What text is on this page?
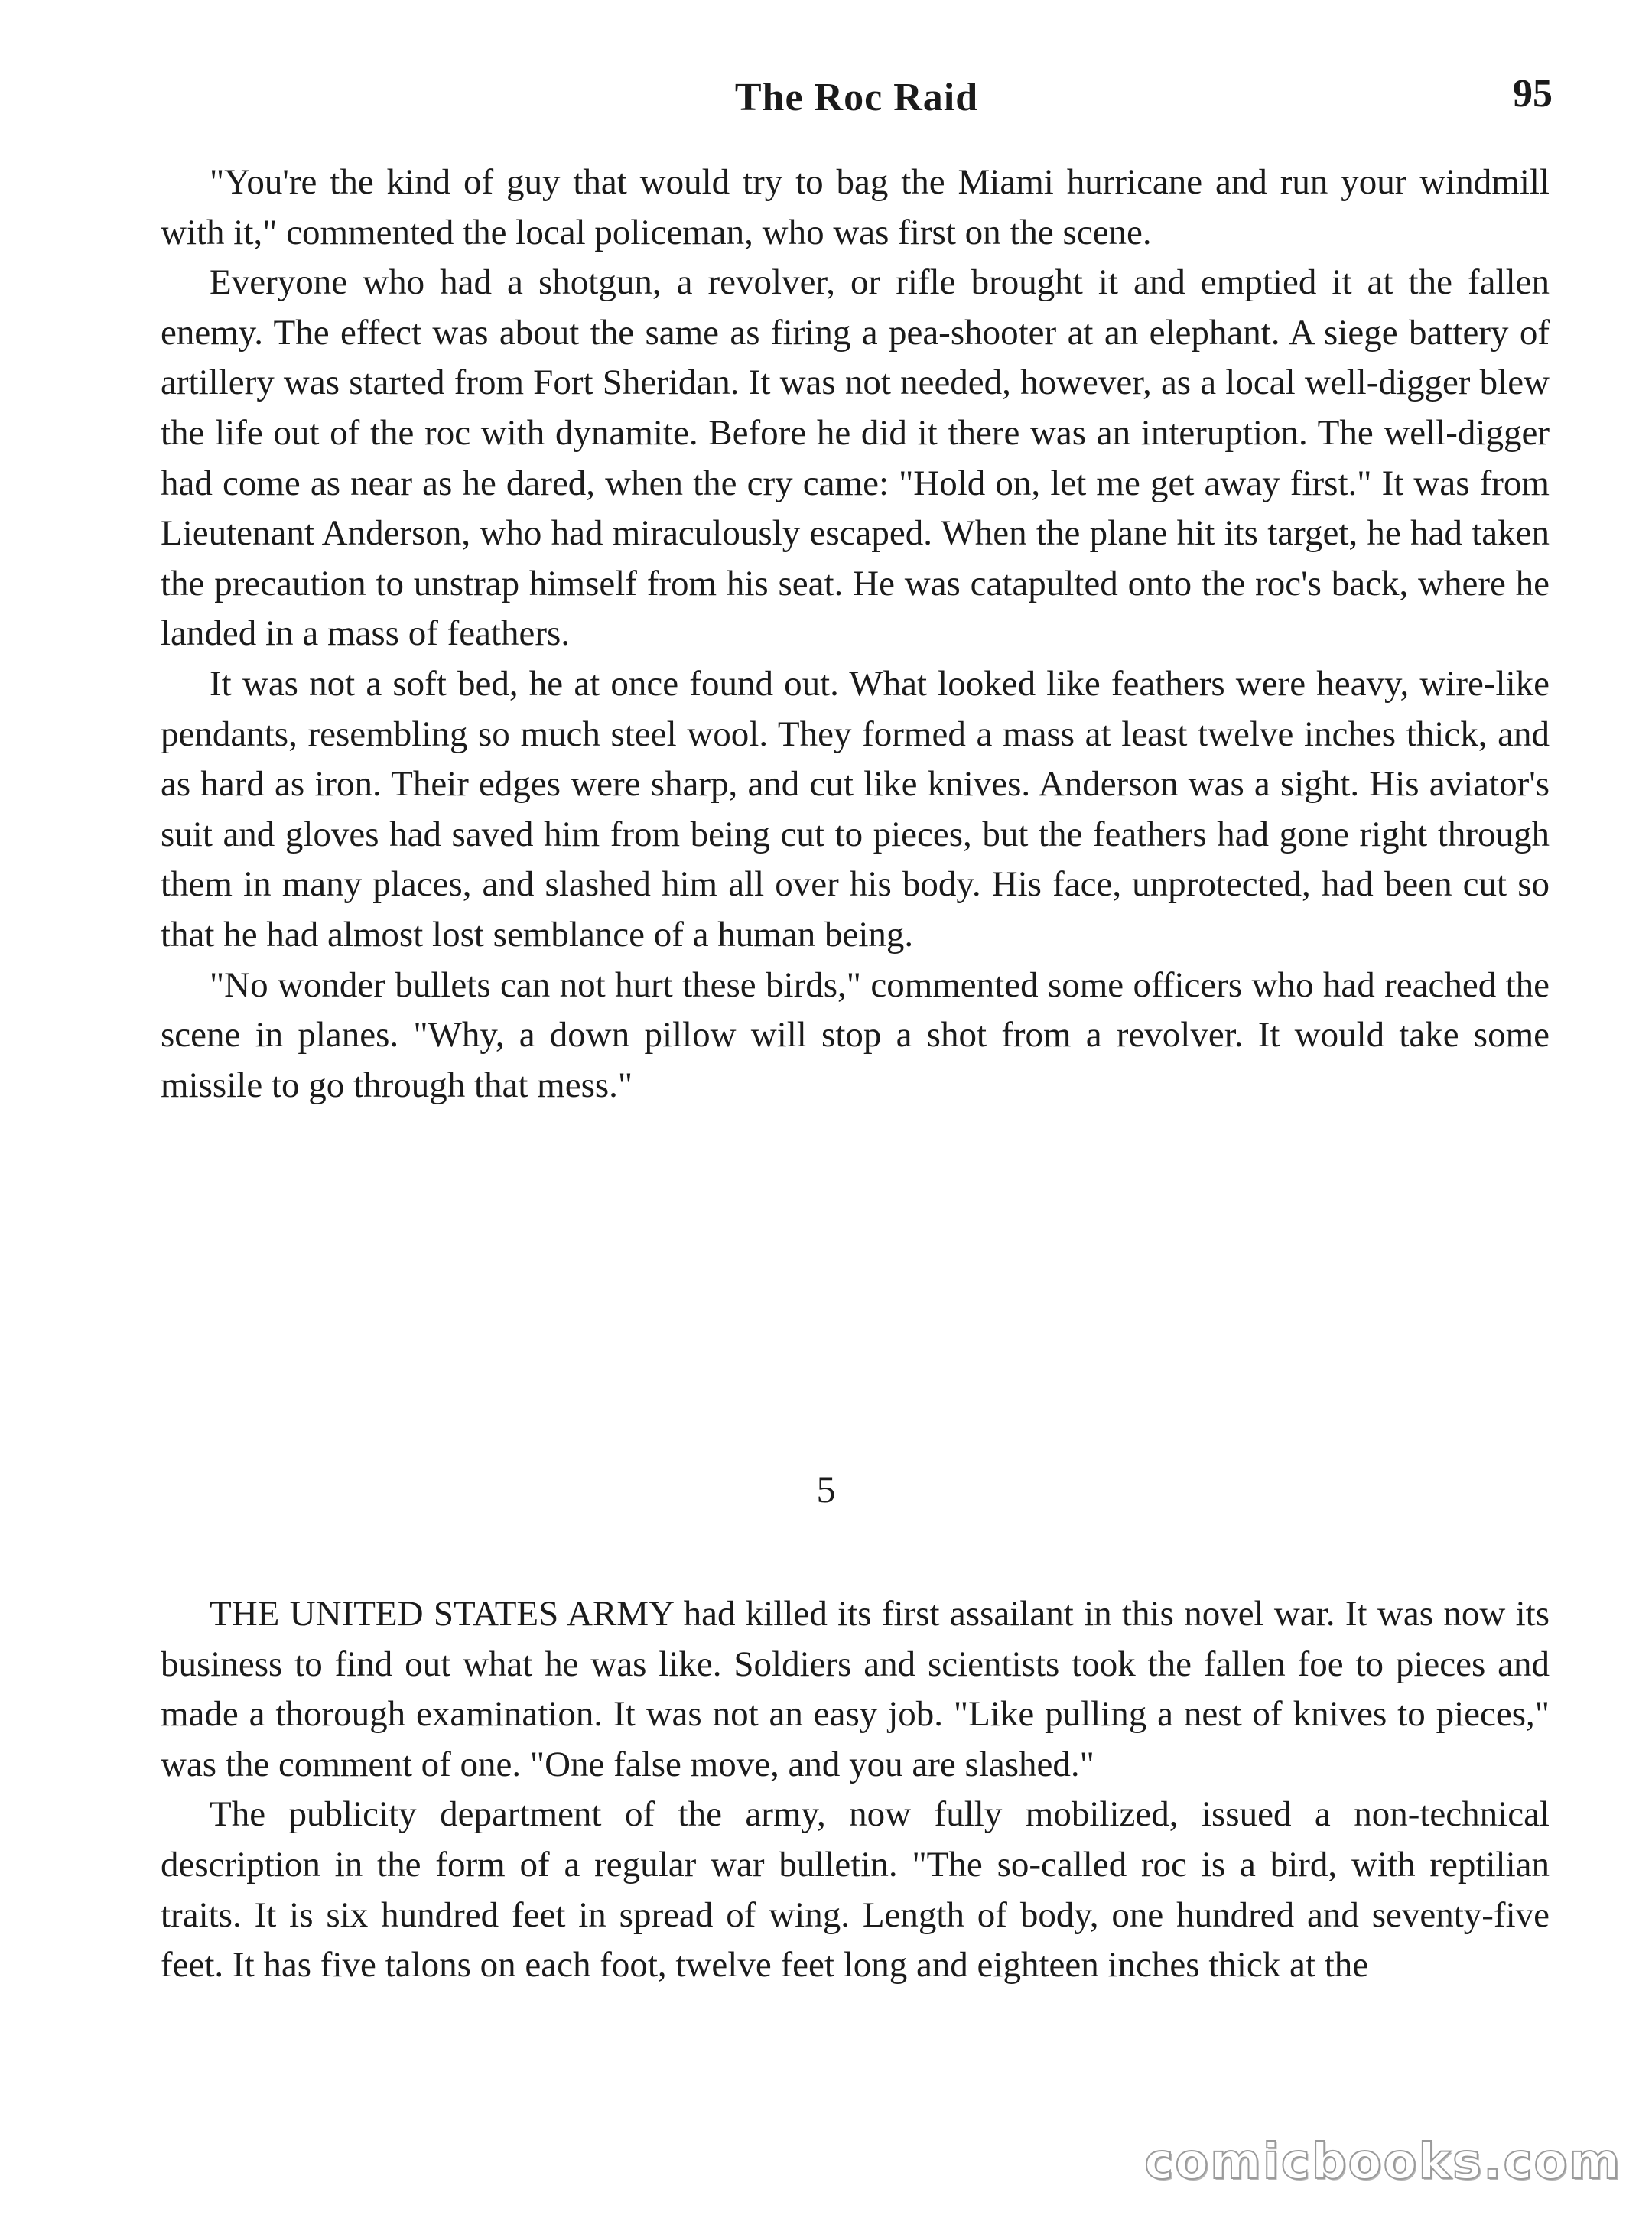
The Roc Raid	95

"You're the kind of guy that would try to bag the Miami hurricane and run your windmill with it," commented the local policeman, who was first on the scene.

Everyone who had a shotgun, a revolver, or rifle brought it and emptied it at the fallen enemy. The effect was about the same as firing a pea-shooter at an elephant. A siege battery of artillery was started from Fort Sheridan. It was not needed, however, as a local well-digger blew the life out of the roc with dynamite. Before he did it there was an interuption. The well-digger had come as near as he dared, when the cry came: "Hold on, let me get away first." It was from Lieutenant Anderson, who had miraculously escaped. When the plane hit its target, he had taken the precaution to unstrap himself from his seat. He was catapulted onto the roc's back, where he landed in a mass of feathers.

It was not a soft bed, he at once found out. What looked like feathers were heavy, wire-like pendants, resembling so much steel wool. They formed a mass at least twelve inches thick, and as hard as iron. Their edges were sharp, and cut like knives. Anderson was a sight. His aviator's suit and gloves had saved him from being cut to pieces, but the feathers had gone right through them in many places, and slashed him all over his body. His face, unprotected, had been cut so that he had almost lost semblance of a human being.

"No wonder bullets can not hurt these birds," commented some officers who had reached the scene in planes. "Why, a down pillow will stop a shot from a revolver. It would take some missile to go through that mess."

5

THE UNITED STATES ARMY had killed its first assailant in this novel war. It was now its business to find out what he was like. Soldiers and scientists took the fallen foe to pieces and made a thorough examination. It was not an easy job. "Like pulling a nest of knives to pieces," was the comment of one. "One false move, and you are slashed."

The publicity department of the army, now fully mobilized, issued a non-technical description in the form of a regular war bulletin. "The so-called roc is a bird, with reptilian traits. It is six hundred feet in spread of wing. Length of body, one hundred and seventy-five feet. It has five talons on each foot, twelve feet long and eighteen inches thick at the

comicbooks.com
